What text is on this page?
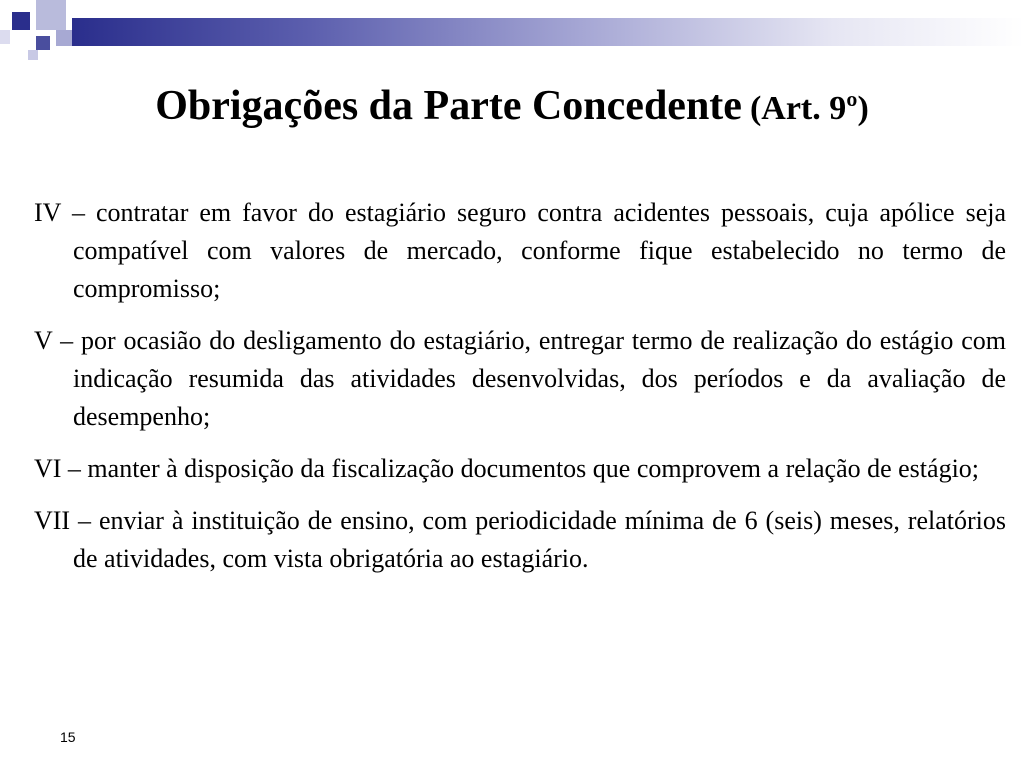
Obrigações da Parte Concedente (Art. 9º)

IV – contratar em favor do estagiário seguro contra acidentes pessoais, cuja apólice seja compatível com valores de mercado, conforme fique estabelecido no termo de compromisso;

V – por ocasião do desligamento do estagiário, entregar termo de realização do estágio com indicação resumida das atividades desenvolvidas, dos períodos e da avaliação de desempenho;

VI – manter à disposição da fiscalização documentos que comprovem a relação de estágio;

VII – enviar à instituição de ensino, com periodicidade mínima de 6 (seis) meses, relatórios de atividades, com vista obrigatória ao estagiário.

15
